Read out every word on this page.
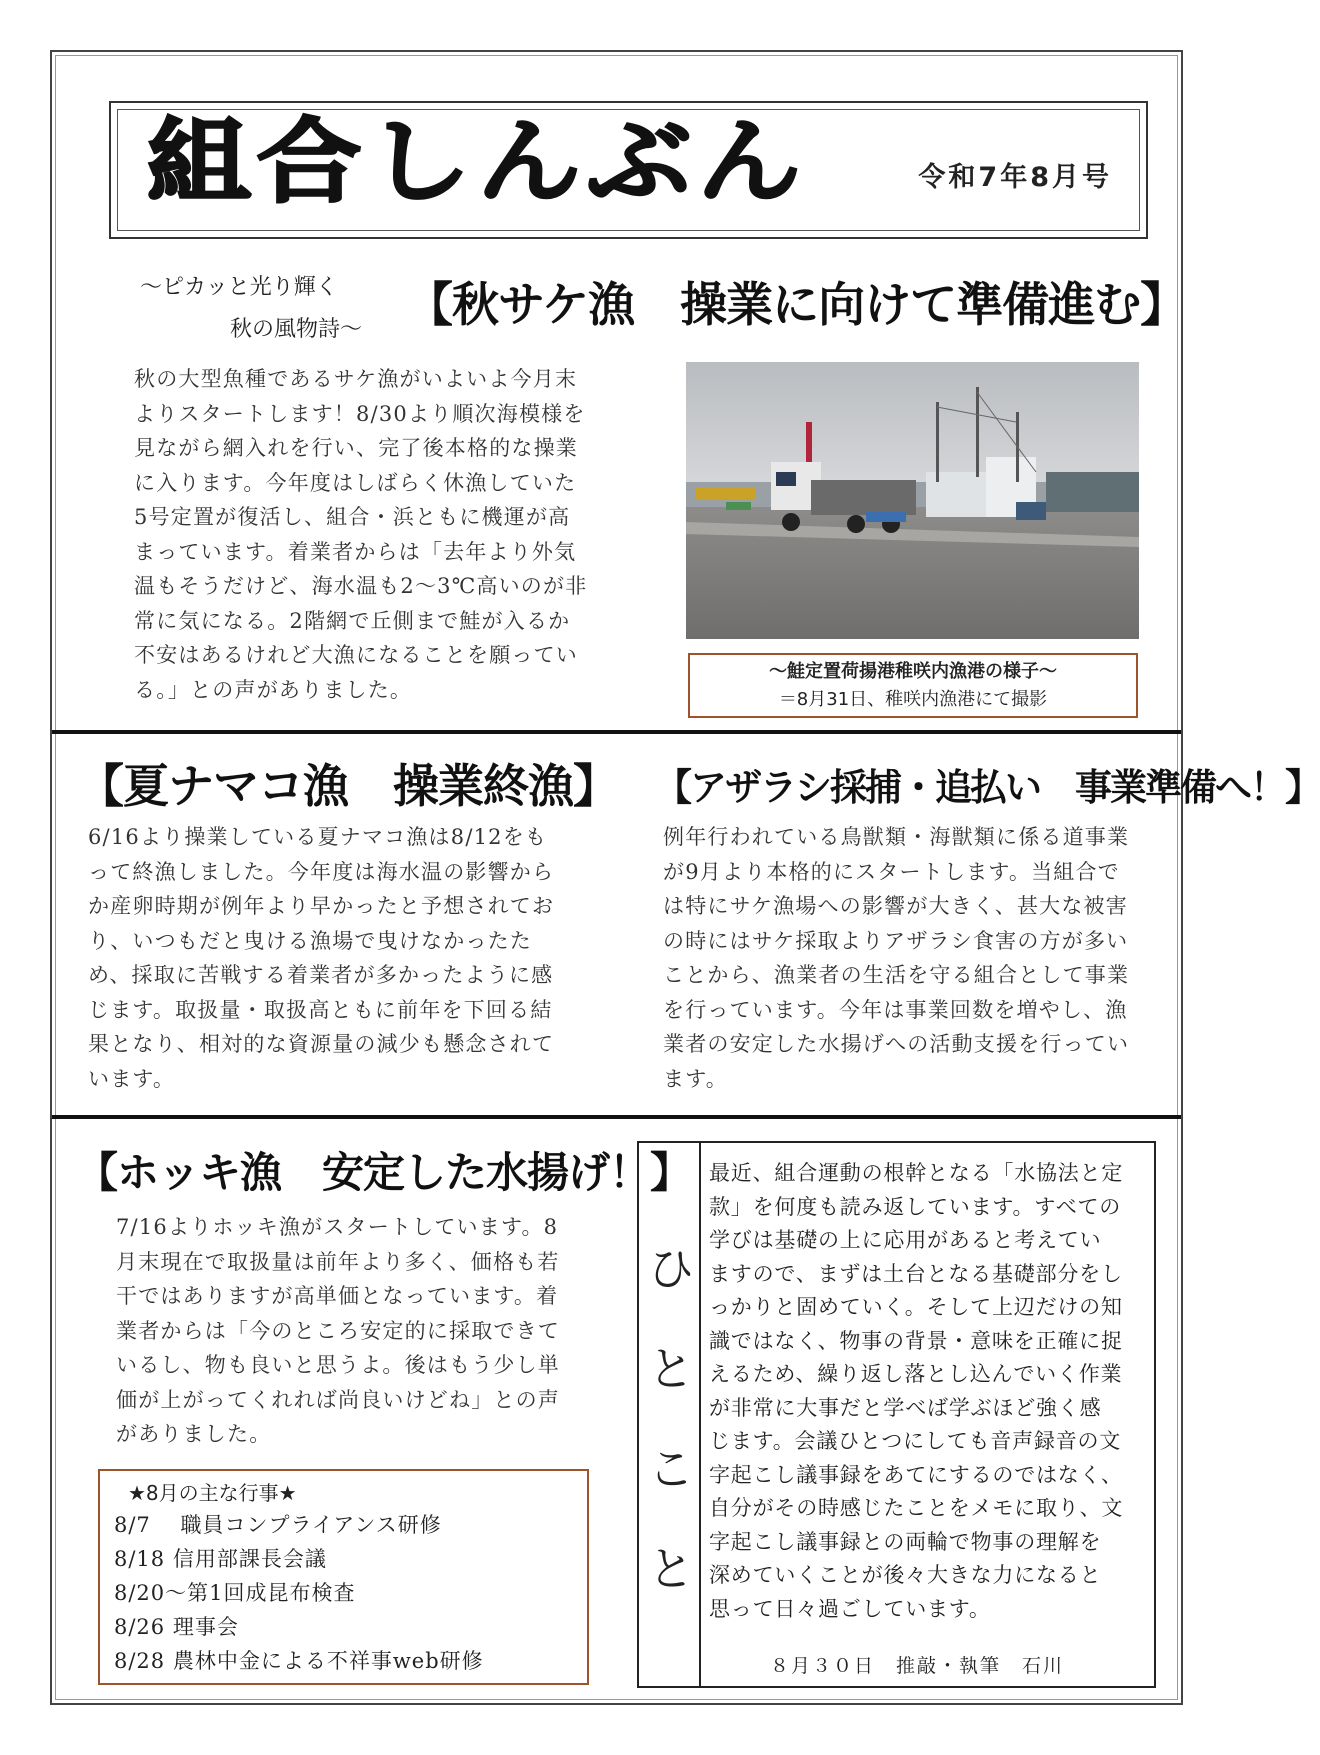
組合しんぶん	令和7年8月号
～ピカッと光り輝く
秋の風物詩～ 【秋サケ漁　操業に向けて準備進む】
秋の大型魚種であるサケ漁がいよいよ今月末
よりスタートします！8/30より順次海模様を
見ながら網入れを行い、完了後本格的な操業
に入ります。今年度はしばらく休漁していた
5号定置が復活し、組合・浜ともに機運が高
まっています。着業者からは「去年より外気
温もそうだけど、海水温も2～3℃高いのが非
常に気になる。2階網で丘側まで鮭が入るか
不安はあるけれど大漁になることを願ってい
る。」との声がありました。
～鮭定置荷揚港稚咲内漁港の様子～
＝8月31日、稚咲内漁港にて撮影
【夏ナマコ漁　操業終漁】
6/16より操業している夏ナマコ漁は8/12をも
って終漁しました。今年度は海水温の影響から
か産卵時期が例年より早かったと予想されてお
り、いつもだと曳ける漁場で曳けなかったた
め、採取に苦戦する着業者が多かったように感
じます。取扱量・取扱高ともに前年を下回る結
果となり、相対的な資源量の減少も懸念されて
います。
【アザラシ採捕・追払い　事業準備へ！】
例年行われている鳥獣類・海獣類に係る道事業
が9月より本格的にスタートします。当組合で
は特にサケ漁場への影響が大きく、甚大な被害
の時にはサケ採取よりアザラシ食害の方が多い
ことから、漁業者の生活を守る組合として事業
を行っています。今年は事業回数を増やし、漁
業者の安定した水揚げへの活動支援を行ってい
ます。
【ホッキ漁　安定した水揚げ！】
7/16よりホッキ漁がスタートしています。8
月末現在で取扱量は前年より多く、価格も若
干ではありますが高単価となっています。着
業者からは「今のところ安定的に採取できて
いるし、物も良いと思うよ。後はもう少し単
価が上がってくれれば尚良いけどね」との声
がありました。
★8月の主な行事★
8/7　 職員コンプライアンス研修
8/18 信用部課長会議
8/20～第1回成昆布検査
8/26 理事会
8/28 農林中金による不祥事web研修
ひ
と
こ
と
最近、組合運動の根幹となる「水協法と定
款」を何度も読み返しています。すべての
学びは基礎の上に応用があると考えてい
ますので、まずは土台となる基礎部分をし
っかりと固めていく。そして上辺だけの知
識ではなく、物事の背景・意味を正確に捉
えるため、繰り返し落とし込んでいく作業
が非常に大事だと学べば学ぶほど強く感
じます。会議ひとつにしても音声録音の文
字起こし議事録をあてにするのではなく、
自分がその時感じたことをメモに取り、文
字起こし議事録との両輪で物事の理解を
深めていくことが後々大きな力になると
思って日々過ごしています。
８月３０日　推敲・執筆　石川
